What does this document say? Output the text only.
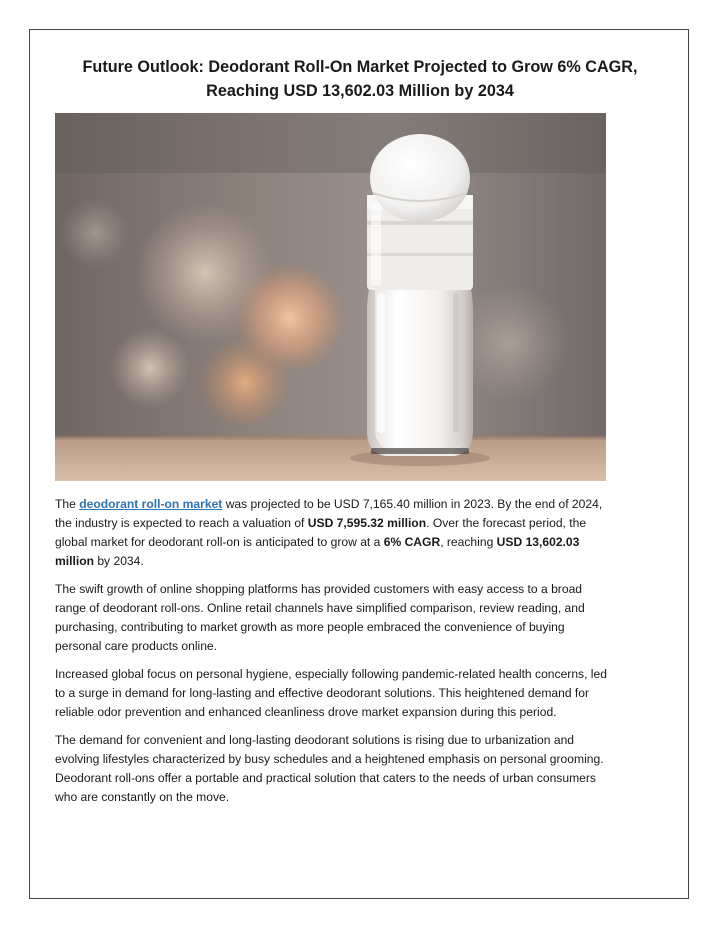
Future Outlook: Deodorant Roll-On Market Projected to Grow 6% CAGR, Reaching USD 13,602.03 Million by 2034

The deodorant roll-on market was projected to be USD 7,165.40 million in 2023. By the end of 2024, the industry is expected to reach a valuation of USD 7,595.32 million. Over the forecast period, the global market for deodorant roll-on is anticipated to grow at a 6% CAGR, reaching USD 13,602.03 million by 2034.

The swift growth of online shopping platforms has provided customers with easy access to a broad range of deodorant roll-ons. Online retail channels have simplified comparison, review reading, and purchasing, contributing to market growth as more people embraced the convenience of buying personal care products online.

Increased global focus on personal hygiene, especially following pandemic-related health concerns, led to a surge in demand for long-lasting and effective deodorant solutions. This heightened demand for reliable odor prevention and enhanced cleanliness drove market expansion during this period.

The demand for convenient and long-lasting deodorant solutions is rising due to urbanization and evolving lifestyles characterized by busy schedules and a heightened emphasis on personal grooming. Deodorant roll-ons offer a portable and practical solution that caters to the needs of urban consumers who are constantly on the move.
